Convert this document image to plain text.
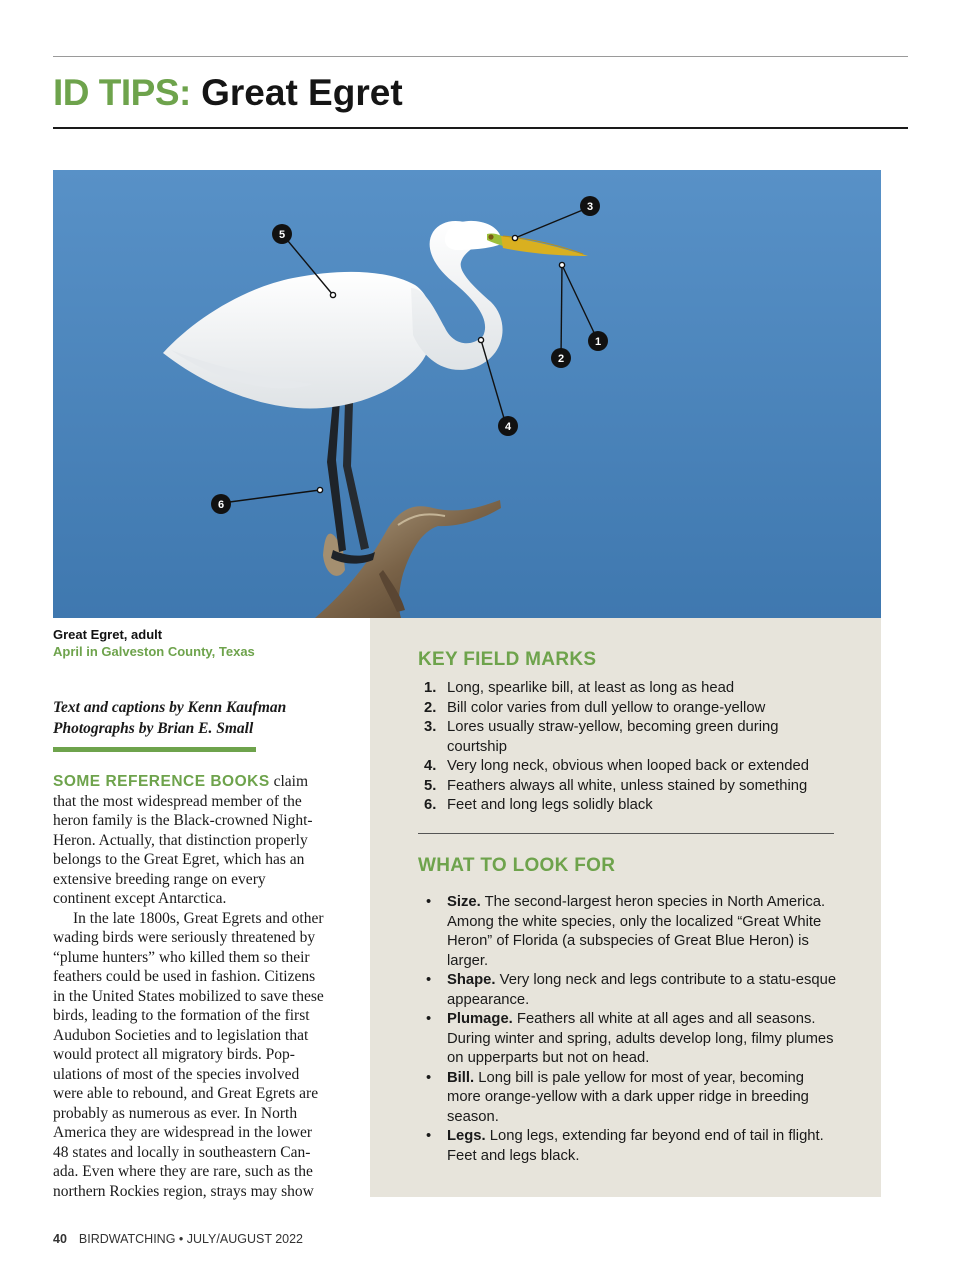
ID TIPS: Great Egret
1
2
3
4
5
6
Great Egret, adult
April in Galveston County, Texas
Text and captions by Kenn Kaufman
Photographs by Brian E. Small

SOME REFERENCE BOOKS claim that the most widespread member of the heron family is the Black-crowned Night-Heron. Actually, that distinction properly belongs to the Great Egret, which has an extensive breeding range on every continent except Antarctica.

In the late 1800s, Great Egrets and other wading birds were seriously threatened by “plume hunters” who killed them so their feathers could be used in fashion. Citizens in the United States mobilized to save these birds, leading to the formation of the first Audubon Societies and to legislation that would protect all migratory birds. Pop-ulations of most of the species involved were able to rebound, and Great Egrets are probably as numerous as ever. In North America they are widespread in the lower 48 states and locally in southeastern Can-ada. Even where they are rare, such as the northern Rockies region, strays may show

KEY FIELD MARKS
1. Long, spearlike bill, at least as long as head
2. Bill color varies from dull yellow to orange-yellow
3. Lores usually straw-yellow, becoming green during courtship
4. Very long neck, obvious when looped back or extended
5. Feathers always all white, unless stained by something
6. Feet and long legs solidly black
WHAT TO LOOK FOR
• Size. The second-largest heron species in North America. Among the white species, only the localized “Great White Heron” of Florida (a subspecies of Great Blue Heron) is larger.
• Shape. Very long neck and legs contribute to a statu-esque appearance.
• Plumage. Feathers all white at all ages and all seasons. During winter and spring, adults develop long, filmy plumes on upperparts but not on head.
• Bill. Long bill is pale yellow for most of year, becoming more orange-yellow with a dark upper ridge in breeding season.
• Legs. Long legs, extending far beyond end of tail in flight. Feet and legs black.
40 BIRDWATCHING • JULY/AUGUST 2022
